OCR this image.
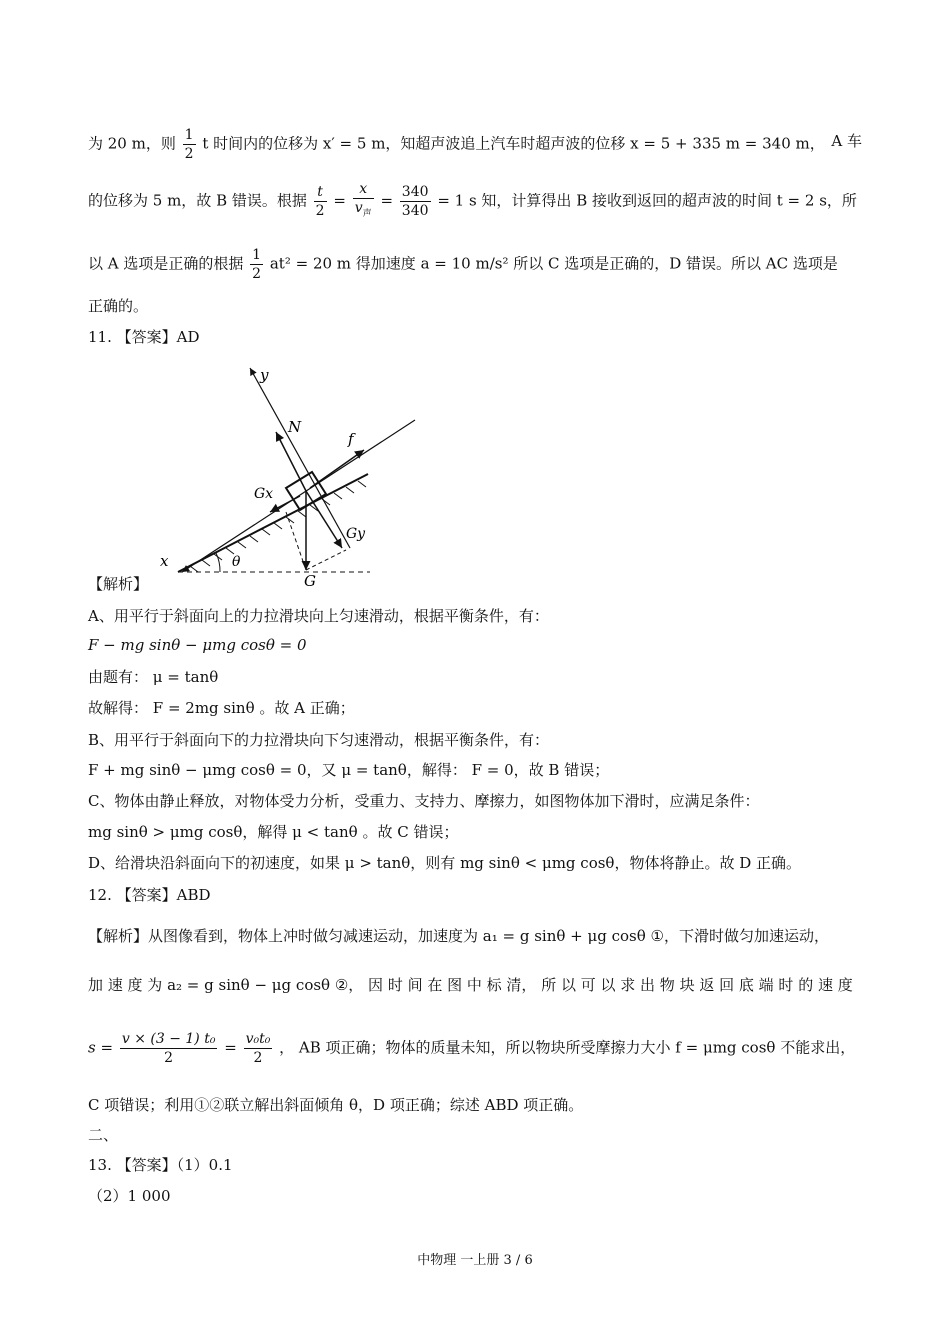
为 20 m，则 $\frac{1}{2}$ t 时间内的位移为 x′ = 5 m，知超声波追上汽车时超声波的位移 x = 5 + 335 m = 340 m， A 车
的位移为 5 m，故 B 错误。根据 $\frac{t}{2} = \frac{x}{v_声} = \frac{340}{340} = 1$ s 知，计算得出 B 接收到返回的超声波的时间 t = 2 s，所
以 A 选项是正确的根据 $\frac{1}{2} at^2 = 20$ m 得加速度 a = 10 m/s² 所以 C 选项是正确的，D 错误。所以 AC 选项是
正确的。
11. 【答案】AD
y
N
f
Gx
Gy
x	θ
G
【解析】
A、用平行于斜面向上的力拉滑块向上匀速滑动，根据平衡条件，有：
F − mg sinθ − μmg cosθ = 0
由题有： μ = tanθ
故解得： F = 2mg sinθ 。故 A 正确；
B、用平行于斜面向下的力拉滑块向下匀速滑动，根据平衡条件，有：
F + mg sinθ − μmg cosθ = 0，又 μ = tanθ，解得： F = 0，故 B 错误；
C、物体由静止释放，对物体受力分析，受重力、支持力、摩擦力，如图物体加下滑时，应满足条件：
mg sinθ > μmg cosθ，解得 μ < tanθ 。故 C 错误；
D、给滑块沿斜面向下的初速度，如果 μ > tanθ，则有 mg sinθ < μmg cosθ，物体将静止。故 D 正确。
12. 【答案】ABD
【解析】从图像看到，物体上冲时做匀减速运动，加速度为 a₁ = g sinθ + μg cosθ ①，下滑时做匀加速运动，
加 速 度 为 a₂ = g sinθ − μg cosθ ②， 因 时 间 在 图 中 标 清， 所 以 可 以 求 出 物 块 返 回 底 端 时 的 速 度
$s = \frac{\text{v × (3 − 1) t₀}}{2} = \frac{\text{v₀t₀}}{2}$ ， AB 项正确；物体的质量未知，所以物块所受摩擦力大小 f = μmg cosθ 不能求出，
C 项错误；利用①②联立解出斜面倾角 θ，D 项正确；综述 ABD 项正确。
二、
13. 【答案】（1）0.1
（2）1 000
中物理 一上册 3 / 6
